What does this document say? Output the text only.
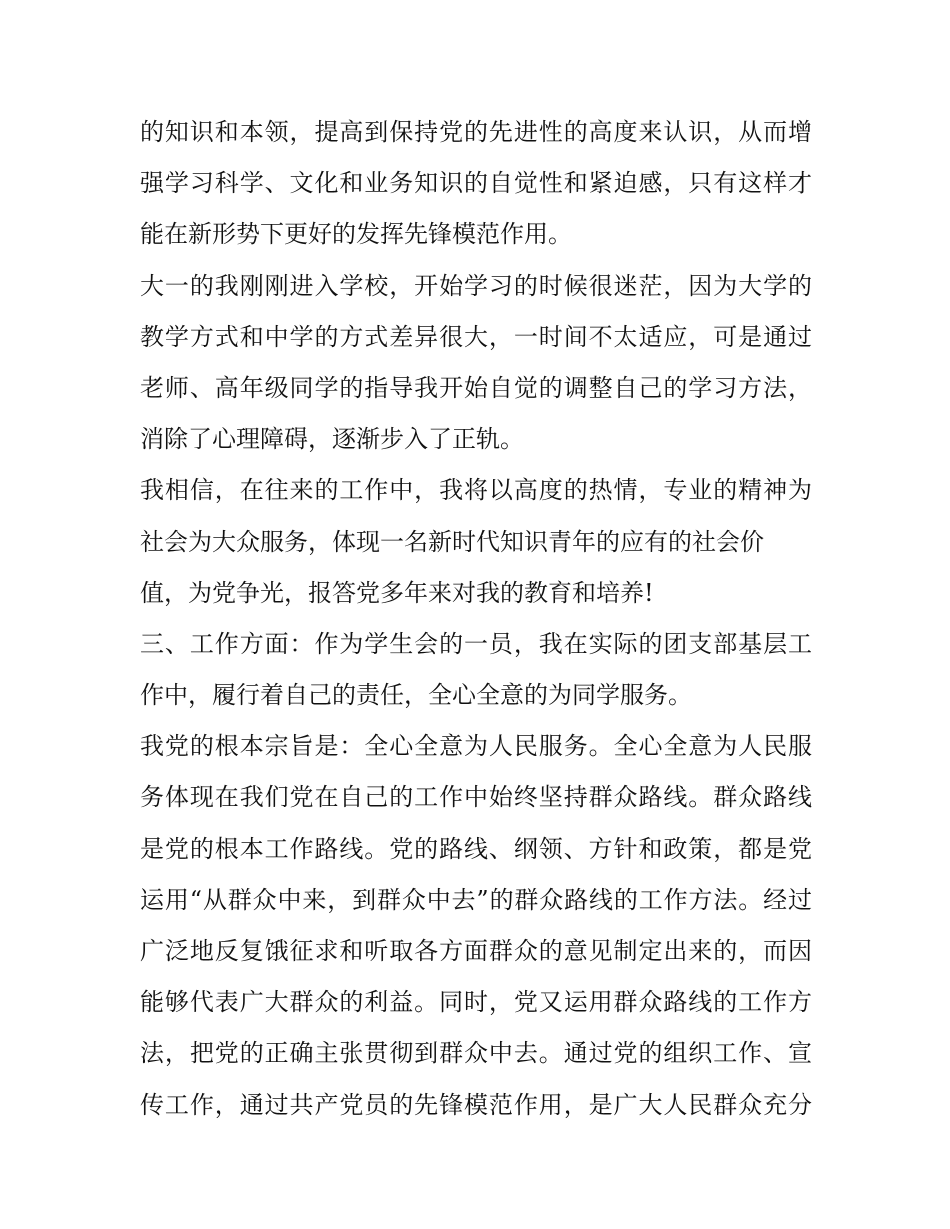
的知识和本领，提高到保持党的先进性的高度来认识，从而增
强学习科学、文化和业务知识的自觉性和紧迫感，只有这样才
能在新形势下更好的发挥先锋模范作用。
大一的我刚刚进入学校，开始学习的时候很迷茫，因为大学的
教学方式和中学的方式差异很大，一时间不太适应，可是通过
老师、高年级同学的指导我开始自觉的调整自己的学习方法，
消除了心理障碍，逐渐步入了正轨。
我相信，在往来的工作中，我将以高度的热情，专业的精神为
社会为大众服务，体现一名新时代知识青年的应有的社会价
值，为党争光，报答党多年来对我的教育和培养!
三、工作方面：作为学生会的一员，我在实际的团支部基层工
作中，履行着自己的责任，全心全意的为同学服务。
我党的根本宗旨是：全心全意为人民服务。全心全意为人民服
务体现在我们党在自己的工作中始终坚持群众路线。群众路线
是党的根本工作路线。党的路线、纲领、方针和政策，都是党
运用“从群众中来，到群众中去”的群众路线的工作方法。经过
广泛地反复饿征求和听取各方面群众的意见制定出来的，而因
能够代表广大群众的利益。同时，党又运用群众路线的工作方
法，把党的正确主张贯彻到群众中去。通过党的组织工作、宣
传工作，通过共产党员的先锋模范作用，是广大人民群众充分
